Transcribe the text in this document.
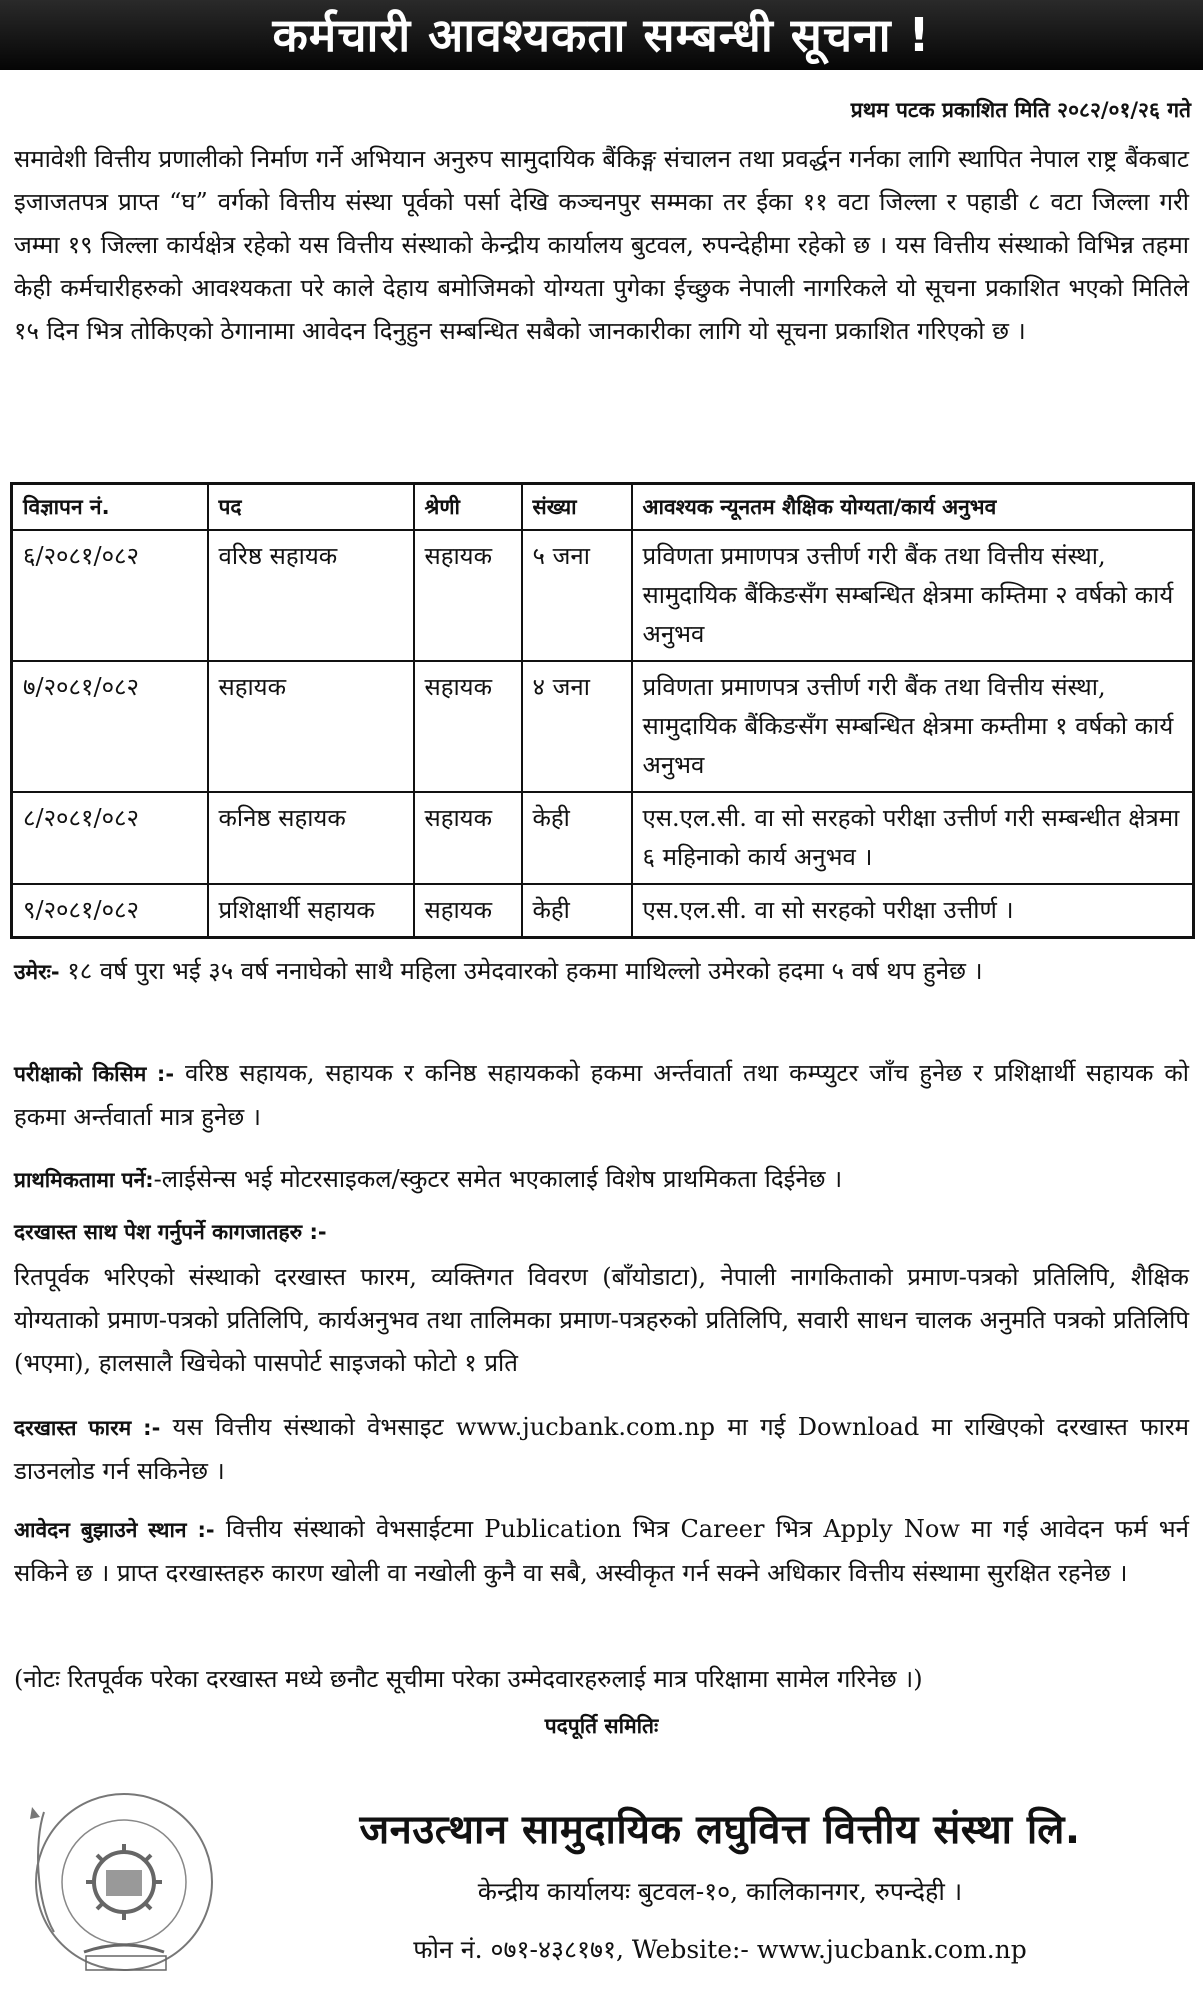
कर्मचारी आवश्यकता सम्बन्धी सूचना !
प्रथम पटक प्रकाशित मिति २०८२/०१/२६ गते

समावेशी वित्तीय प्रणालीको निर्माण गर्ने अभियान अनुरुप सामुदायिक बैंकिङ्ग संचालन तथा प्रवर्द्धन गर्नका लागि स्थापित नेपाल राष्ट्र बैंकबाट इजाजतपत्र प्राप्त “घ” वर्गको वित्तीय संस्था पूर्वको पर्सा देखि कञ्चनपुर सम्मका तर ईका ११ वटा जिल्ला र पहाडी ८ वटा जिल्ला गरी जम्मा १९ जिल्ला कार्यक्षेत्र रहेको यस वित्तीय संस्थाको केन्द्रीय कार्यालय बुटवल, रुपन्देहीमा रहेको छ । यस वित्तीय संस्थाको विभिन्न तहमा केही कर्मचारीहरुको आवश्यकता परे काले देहाय बमोजिमको योग्यता पुगेका ईच्छुक नेपाली नागरिकले यो सूचना प्रकाशित भएको मितिले १५ दिन भित्र तोकिएको ठेगानामा आवेदन दिनुहुन सम्बन्धित सबैको जानकारीका लागि यो सूचना प्रकाशित गरिएको छ ।

विज्ञापन नं.	पद	श्रेणी	संख्या	आवश्यक न्यूनतम शैक्षिक योग्यता/कार्य अनुभव
६/२०८१/०८२	वरिष्ठ सहायक	सहायक	५ जना	प्रविणता प्रमाणपत्र उत्तीर्ण गरी बैंक तथा वित्तीय संस्था, सामुदायिक बैंकिङसँग सम्बन्धित क्षेत्रमा कम्तिमा २ वर्षको कार्य अनुभव
७/२०८१/०८२	सहायक	सहायक	४ जना	प्रविणता प्रमाणपत्र उत्तीर्ण गरी बैंक तथा वित्तीय संस्था, सामुदायिक बैंकिङसँग सम्बन्धित क्षेत्रमा कम्तीमा १ वर्षको कार्य अनुभव
८/२०८१/०८२	कनिष्ठ सहायक	सहायक	केही	एस.एल.सी. वा सो सरहको परीक्षा उत्तीर्ण गरी सम्बन्धीत क्षेत्रमा ६ महिनाको कार्य अनुभव ।
९/२०८१/०८२	प्रशिक्षार्थी सहायक	सहायक	केही	एस.एल.सी. वा सो सरहको परीक्षा उत्तीर्ण ।

उमेरः- १८ वर्ष पुरा भई ३५ वर्ष ननाघेको साथै महिला उमेदवारको हकमा माथिल्लो उमेरको हदमा ५ वर्ष थप हुनेछ ।

परीक्षाको किसिम :- वरिष्ठ सहायक, सहायक र कनिष्ठ सहायकको हकमा अर्न्तवार्ता तथा कम्प्युटर जाँच हुनेछ र प्रशिक्षार्थी सहायक को हकमा अर्न्तवार्ता मात्र हुनेछ ।

प्राथमिकतामा पर्ने:-लाईसेन्स भई मोटरसाइकल/स्कुटर समेत भएकालाई विशेष प्राथमिकता दिईनेछ ।

दरखास्त साथ पेश गर्नुपर्ने कागजातहरु :-

रितपूर्वक भरिएको संस्थाको दरखास्त फारम, व्यक्तिगत विवरण (बाँयोडाटा), नेपाली नागकिताको प्रमाण-पत्रको प्रतिलिपि, शैक्षिक योग्यताको प्रमाण-पत्रको प्रतिलिपि, कार्यअनुभव तथा तालिमका प्रमाण-पत्रहरुको प्रतिलिपि, सवारी साधन चालक अनुमति पत्रको प्रतिलिपि (भएमा), हालसालै खिचेको पासपोर्ट साइजको फोटो १ प्रति

दरखास्त फारम :- यस वित्तीय संस्थाको वेभसाइट www.jucbank.com.np मा गई Download मा राखिएको दरखास्त फारम डाउनलोड गर्न सकिनेछ ।

आवेदन बुझाउने स्थान :- वित्तीय संस्थाको वेभसाईटमा Publication भित्र Career भित्र Apply Now मा गई आवेदन फर्म भर्न सकिने छ । प्राप्त दरखास्तहरु कारण खोली वा नखोली कुनै वा सबै, अस्वीकृत गर्न सक्ने अधिकार वित्तीय संस्थामा सुरक्षित रहनेछ ।

(नोटः रितपूर्वक परेका दरखास्त मध्ये छनौट सूचीमा परेका उम्मेदवारहरुलाई मात्र परिक्षामा सामेल गरिनेछ ।)

पदपूर्ति समितिः
जनउत्थान सामुदायिक लघुवित्त वित्तीय संस्था लि.
केन्द्रीय कार्यालयः बुटवल-१०, कालिकानगर, रुपन्देही ।
फोन नं. ०७१-४३८१७१, Website:- www.jucbank.com.np
